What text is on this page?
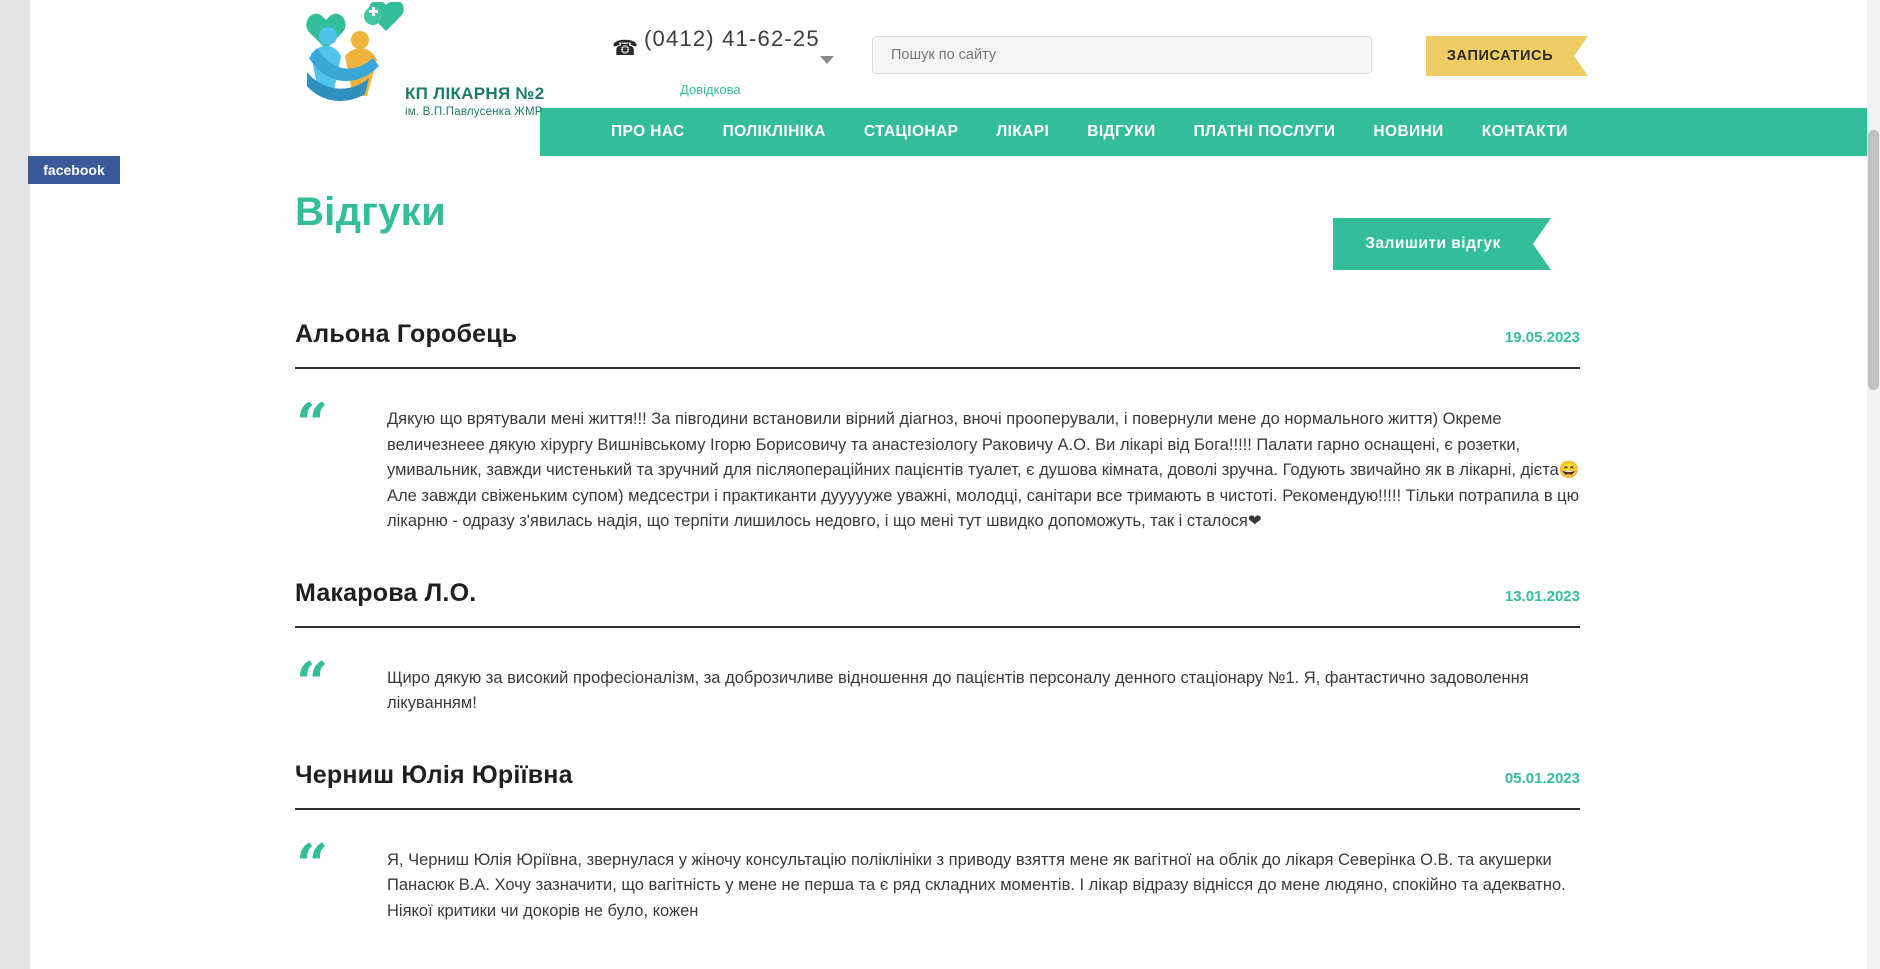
КП ЛІКАРНЯ №2
ім. В.П.Павлусенка ЖМР
☎ (0412) 41-62-25
Довідкова
Пошук по сайту
ЗАПИСАТИСЬ
ПРО НАС	ПОЛІКЛІНІКА	СТАЦІОНАР	ЛІКАРІ	ВІДГУКИ	ПЛАТНІ ПОСЛУГИ	НОВИНИ	КОНТАКТИ
facebook
Відгуки
Залишити відгук
Альона Горобець	19.05.2023
“	Дякую що врятували мені життя!!! За півгодини встановили вірний діагноз, вночі прооперували, і повернули мене до нормального життя) Окреме величезнеее дякую хірургу Вишнівському Ігорю Борисовичу та анастезіологу Раковичу А.О. Ви лікарі від Бога!!!!! Палати гарно оснащені, є розетки, умивальник, завжди чистенький та зручний для післяопераційних пацієнтів туалет, є душова кімната, доволі зручна. Годують звичайно як в лікарні, дієта😄 Але завжди свіженьким супом) медсестри і практиканти дуууууже уважні, молодці, санітари все тримають в чистоті. Рекомендую!!!!! Тільки потрапила в цю лікарню - одразу з'явилась надія, що терпіти лишилось недовго, і що мені тут швидко допоможуть, так і сталося❤
Макарова Л.О.	13.01.2023
“	Щиро дякую за високий професіоналізм, за доброзичливе відношення до пацієнтів персоналу денного стаціонару №1. Я, фантастично задоволення лікуванням!
Черниш Юлія Юріївна	05.01.2023
“	Я, Черниш Юлія Юріївна, звернулася у жіночу консультацію поліклініки з приводу взяття мене як вагітної на облік до лікаря Северінка О.В. та акушерки Панасюк В.А. Хочу зазначити, що вагітність у мене не перша та є ряд складних моментів. І лікар відразу віднісся до мене людяно, спокійно та адекватно. Ніякої критики чи докорів не було, кожен
